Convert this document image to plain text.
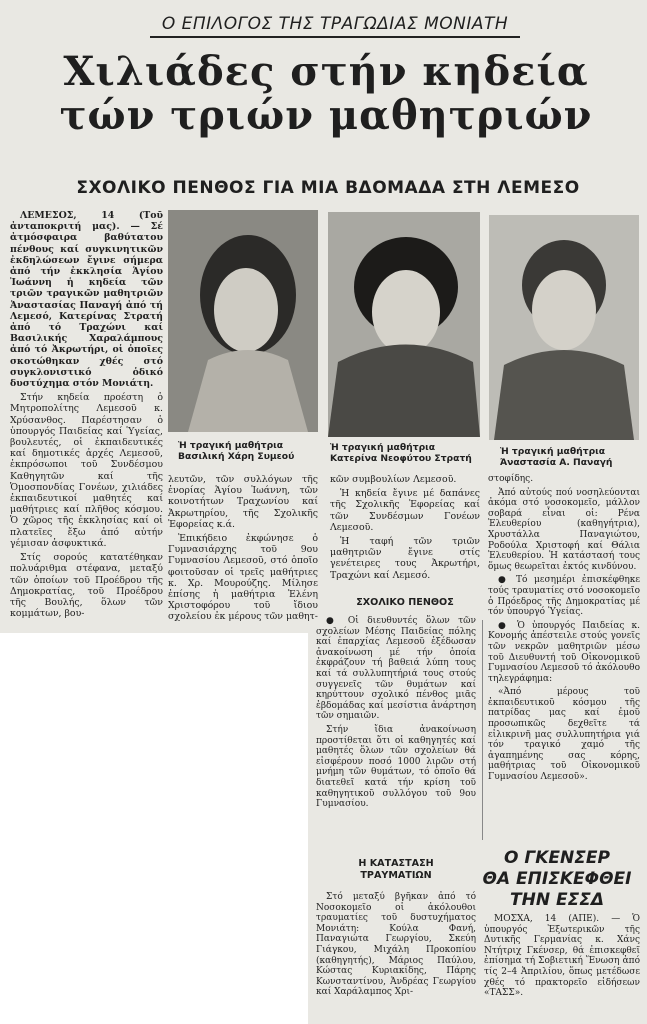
Ο ΕΠΙΛΟΓΟΣ ΤΗΣ ΤΡΑΓΩΔΙΑΣ ΜΟΝΙΑΤΗ
Χιλιάδες στήν κηδεία
τών τριών μαθητριών
ΣΧΟΛΙΚΟ ΠΕΝΘΟΣ ΓΙΑ ΜΙΑ ΒΔΟΜΑΔΑ ΣΤΗ ΛΕΜΕΣΟ

ΛΕΜΕΣΟΣ, 14 (Τοῦ ἀνταποκριτή μας). — Σέ ἀτμόσφαιρα βαθύτατου πένθους καί συγκινητικῶν ἐκδηλώσεων ἔγινε σήμερα ἀπό τήν ἐκκλησία Ἁγίου Ἰωάννη ἡ κηδεία τῶν τριῶν τραγικῶν μαθητριῶν Ἀναστασίας Παναγή ἀπό τή Λεμεσό, Κατερίνας Στρατή ἀπό τό Τραχώνι καί Βασιλικής Χαραλάμπους ἀπό τό Ἀκρωτήρι, οἱ ὁποῖες σκοτώθηκαν χθές στό συγκλονιστικό ὁδικό δυστύχημα στόν Μονιάτη.

Στήν κηδεία προέστη ὁ Μητροπολίτης Λεμεσοῦ κ. Χρύσανθος. Παρέστησαν ὁ ὑπουργός Παιδείας καί Ὑγείας, βουλευτές, οἱ ἐκπαιδευτικές καί δημοτικές ἀρχές Λεμεσοῦ, ἐκπρόσωποι τοῦ Συνδέσμου Καθηγητῶν καί τῆς Ὁμοσπονδίας Γονέων, χιλιάδες ἐκπαιδευτικοί μαθητές καί μαθήτριες καί πλῆθος κόσμου. Ὁ χῶρος τῆς ἐκκλησίας καί οἱ πλατεῖες ἔξω ἀπό αὐτήν γέμισαν ἀσφυκτικά.

Στίς σορούς κατατέθηκαν πολυάριθμα στέφανα, μεταξύ τῶν ὁποίων τοῦ Προέδρου τῆς Δημοκρατίας, τοῦ Προέδρου τῆς Βουλής, ὅλων τῶν κομμάτων, βου-

Ἡ τραγική μαθήτρια
Βασιλική Χάρη Συμεού
Ἡ τραγική μαθήτρια
Κατερίνα Νεοφύτου Στρατή
Ἡ τραγική μαθήτρια
Ἀναστασία Α. Παναγή

λευτῶν, τῶν συλλόγων τῆς ἐνορίας Ἁγίου Ἰωάννη, τῶν κοινοτήτων Τραχωνίου καί Ἀκρωτηρίου, τῆς Σχολικῆς Ἐφορείας κ.ά.

Ἐπικήδειο ἐκφώνησε ὁ Γυμνασιάρχης τοῦ 9ου Γυμνασίου Λεμεσοῦ, στό ὁποῖο φοιτοῦσαν οἱ τρεῖς μαθήτριες κ. Χρ. Μουρούζης. Μίλησε ἐπίσης ἡ μαθήτρια Ἑλένη Χριστοφόρου τοῦ ἴδιου σχολείου ἐκ μέρους τῶν μαθητ-

κῶν συμβουλίων Λεμεσοῦ.

Ἡ κηδεία ἔγινε μέ δαπάνες τῆς Σχολικῆς Ἐφορείας καί τῶν Συνδέσμων Γονέων Λεμεσοῦ.

Ἡ ταφή τῶν τριῶν μαθητριῶν ἔγινε στίς γενέτειρες τους Ἀκρωτήρι, Τραχώνι καί Λεμεσό.

ΣΧΟΛΙΚΟ ΠΕΝΘΟΣ

● Οἱ διευθυντές ὅλων τῶν σχολείων Μέσης Παιδείας πόλης καί ἐπαρχίας Λεμεσοῦ ἐξέδωσαν ἀνακοίνωση μέ τήν ὁποία ἐκφράζουν τή βαθειά λύπη τους καί τά συλλυπητήριά τους στούς συγγενεῖς τῶν θυμάτων καί κηρύττουν σχολικό πένθος μιᾶς ἑβδομάδας καί μεσίστια ἀνάρτηση τῶν σημαιῶν.

Στήν ἴδια ἀνακοίνωση προστίθεται ὅτι οἱ καθηγητές καί μαθητές ὅλων τῶν σχολείων θά εἰσφέρουν ποσό 1000 λιρῶν στή μνήμη τῶν θυμάτων, τό ὁποῖο θά διατεθεῖ κατά τήν κρίση τοῦ καθηγητικοῦ συλλόγου τοῦ 9ου Γυμνασίου.

Η ΚΑΤΑΣΤΑΣΗ
ΤΡΑΥΜΑΤΙΩΝ

Στό μεταξύ βγῆκαν ἀπό τό Νοσοκομεῖο οἱ ἀκόλουθοι τραυματίες τοῦ δυστυχήματος Μονιάτη: Κούλα Φανή, Παναγιώτα Γεωργίου, Σκεύη Γιάγκου, Μιχάλη Προκοπίου (καθηγητής), Μάριος Παύλου, Κώστας Κυριακίδης, Πάρης Κωνσταντίνου, Ἀνδρέας Γεωργίου καί Χαράλαμπος Χρι-

στοφίδης.

Ἀπό αὐτούς πού νοσηλεύονται ἀκόμα στό νοσοκομεῖο, μάλλον σοβαρά εἶναι οἱ: Ρένα Ἐλευθερίου (καθηγήτρια), Χρυστάλλα Παναγιώτου, Ροδούλα Χριστοφή καί Θάλια Ἐλευθερίου. Ἡ κατάστασή τους ὅμως θεωρεῖται ἐκτός κινδύνου.

● Τό μεσημέρι ἐπισκέφθηκε τούς τραυματίες στό νοσοκομεῖο ὁ Πρόεδρος τῆς Δημοκρατίας μέ τόν ὑπουργό Ὑγείας.

● Ὁ ὑπουργός Παιδείας κ. Κονομής ἀπέστειλε στούς γονεῖς τῶν νεκρῶν μαθητριῶν μέσω τοῦ Διευθυντή τοῦ Οἰκονομικοῦ Γυμνασίου Λεμεσοῦ τό ἀκόλουθο τηλεγράφημα:

«Ἀπό μέρους τοῦ ἐκπαιδευτικοῦ κόσμου τῆς πατρίδας μας καί ἐμοῦ προσωπικῶς δεχθεῖτε τά εἰλικρινῆ μας συλλυπητήρια γιά τόν τραγικό χαμό τῆς ἀγαπημένης σας κόρης, μαθήτριας τοῦ Οἰκονομικοῦ Γυμνασίου Λεμεσοῦ».

Ο ΓΚΕΝΣΕΡ
ΘΑ ΕΠΙΣΚΕΦΘΕΙ
ΤΗΝ ΕΣΣΔ

ΜΟΣΧΑ, 14 (ΑΠΕ). — Ὁ ὑπουργός Ἐξωτερικῶν τῆς Δυτικῆς Γερμανίας κ. Χάνς Ντήτριχ Γκένσερ, θά ἐπισκεφθεῖ ἐπίσημα τή Σοβιετική Ἕνωση ἀπό τίς 2–4 Ἀπριλίου, ὅπως μετέδωσε χθές τό πρακτορεῖο εἰδήσεων «ΤΑΣΣ».
